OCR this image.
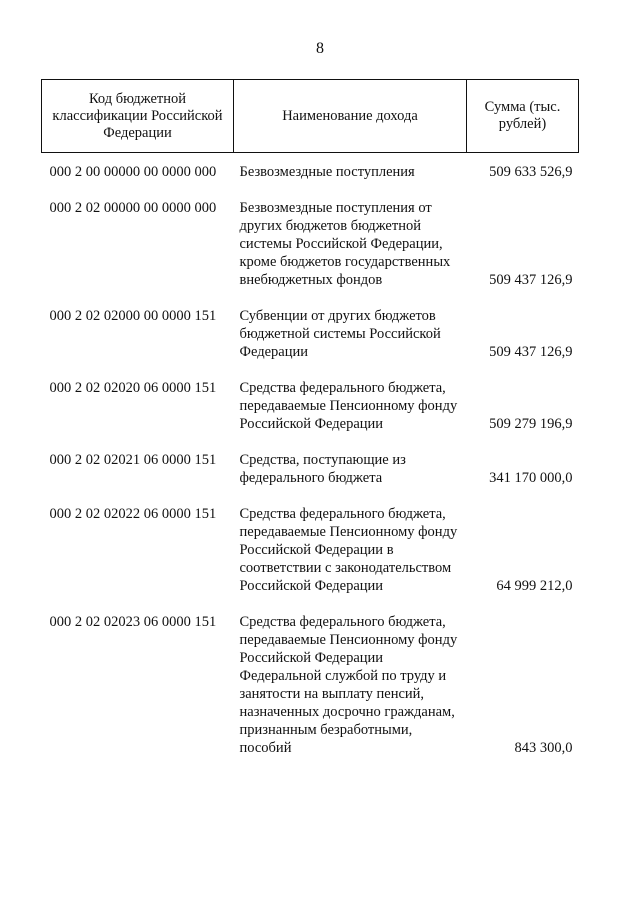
8
Код бюджетной классификации Российской Федерации	Наименование дохода	Сумма (тыс. рублей)
000 2 00 00000 00 0000 000	Безвозмездные поступления	509 633 526,9
000 2 02 00000 00 0000 000	Безвозмездные поступления от других бюджетов бюджетной системы Российской Федерации, кроме бюджетов государственных внебюджетных фондов	509 437 126,9
000 2 02 02000 00 0000 151	Субвенции от других бюджетов бюджетной системы Российской Федерации	509 437 126,9
000 2 02 02020 06 0000 151	Средства федерального бюджета, передаваемые Пенсионному фонду Российской Федерации	509 279 196,9
000 2 02 02021 06 0000 151	Средства, поступающие из федерального бюджета	341 170 000,0
000 2 02 02022 06 0000 151	Средства федерального бюджета, передаваемые Пенсионному фонду Российской Федерации в соответствии с законодательством Российской Федерации	64 999 212,0
000 2 02 02023 06 0000 151	Средства федерального бюджета, передаваемые Пенсионному фонду Российской Федерации Федеральной службой по труду и занятости на выплату пенсий, назначенных досрочно гражданам, признанным безработными, пособий	843 300,0
